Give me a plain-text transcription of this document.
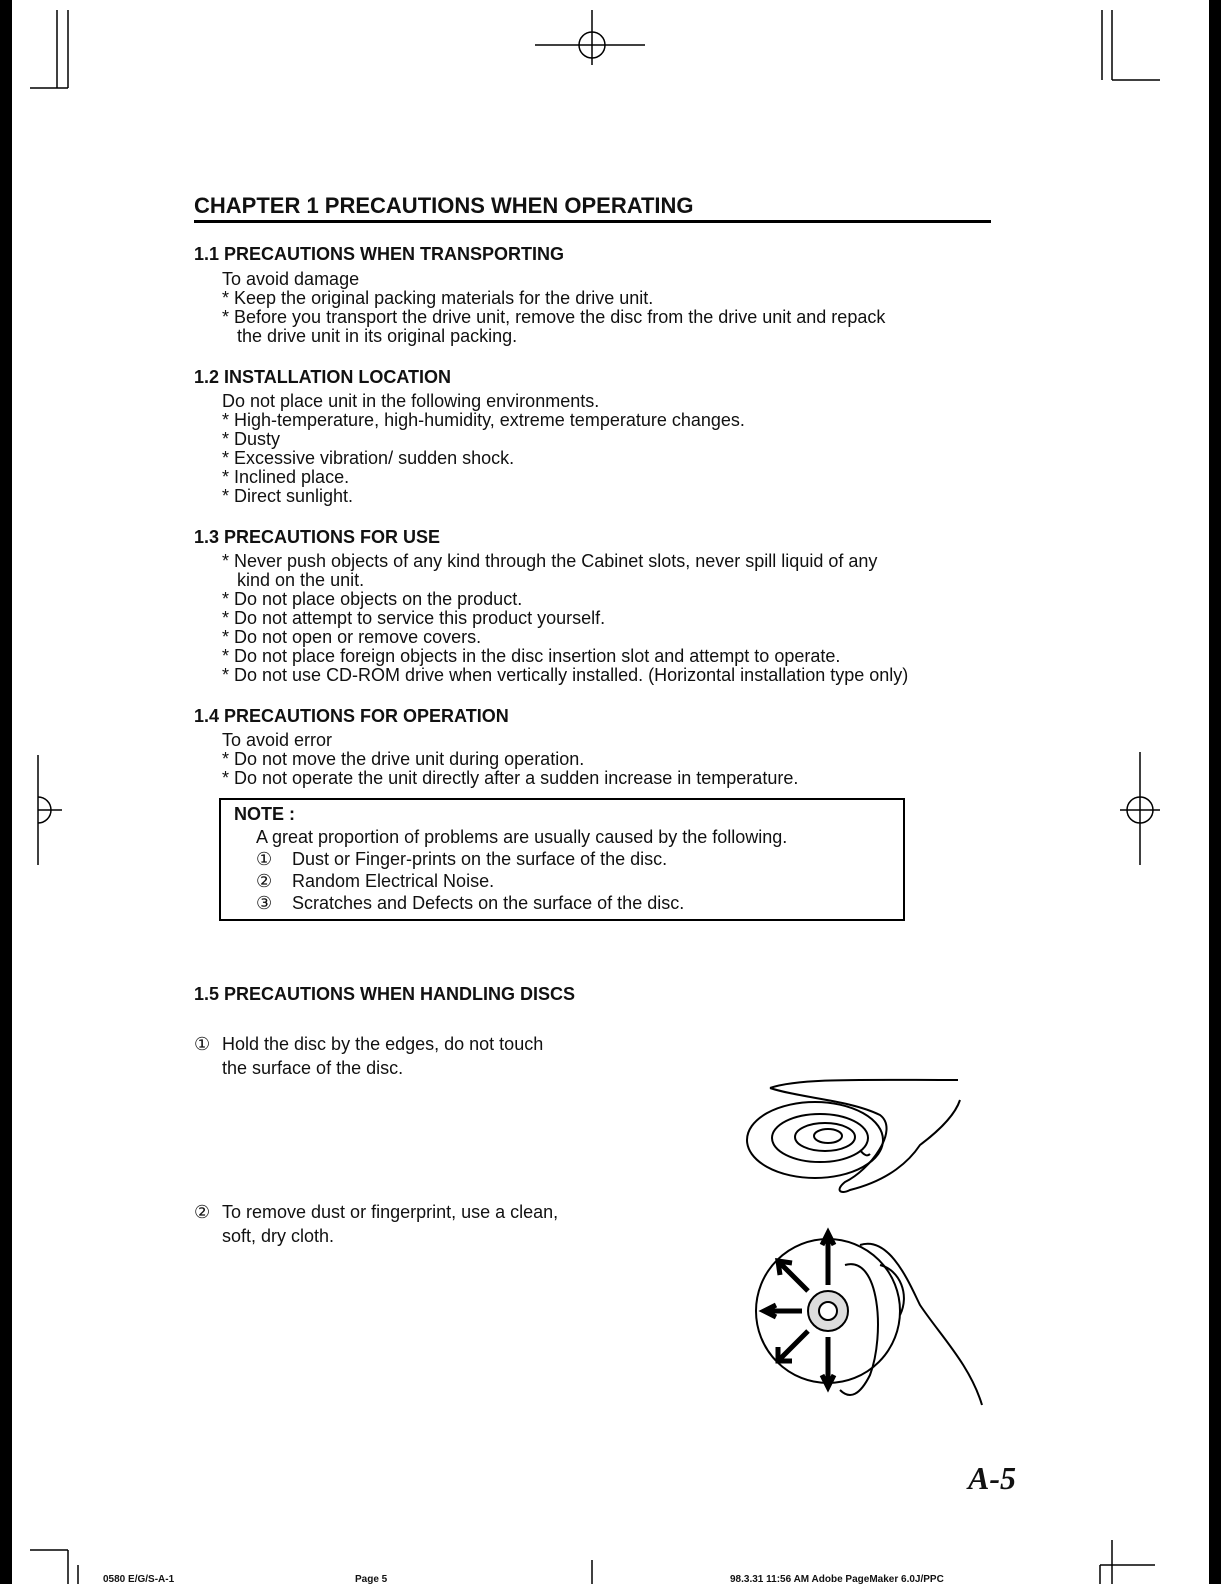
CHAPTER 1 PRECAUTIONS WHEN OPERATING
1.1 PRECAUTIONS WHEN TRANSPORTING
To avoid damage
* Keep the original packing materials for the drive unit.
* Before you transport the drive unit, remove the disc from the drive unit and repack
the drive unit in its original packing.
1.2 INSTALLATION LOCATION
Do not place unit in the following environments.
* High-temperature, high-humidity, extreme temperature changes.
* Dusty
* Excessive vibration/ sudden shock.
* Inclined place.
* Direct sunlight.
1.3 PRECAUTIONS FOR USE
* Never push objects of any kind through the Cabinet slots, never spill liquid of any
kind on the unit.
* Do not place objects on the product.
* Do not attempt to service this product yourself.
* Do not open or remove covers.
* Do not place foreign objects in the disc insertion slot and attempt to operate.
* Do not use CD-ROM drive when vertically installed. (Horizontal installation type only)
1.4 PRECAUTIONS FOR OPERATION
To avoid error
* Do not move the drive unit during operation.
* Do not operate the unit directly after a sudden increase in temperature.
NOTE :
A great proportion of problems are usually caused by the following.
① Dust or Finger-prints on the surface of the disc.
② Random Electrical Noise.
③ Scratches and Defects on the surface of the disc.
1.5 PRECAUTIONS WHEN HANDLING DISCS
① Hold the disc by the edges, do not touch
the surface of the disc.
② To remove dust or fingerprint, use a clean,
soft, dry cloth.
A-5
0580 E/G/S-A-1	Page 5	98.3.31 11:56 AM Adobe PageMaker 6.0J/PPC
